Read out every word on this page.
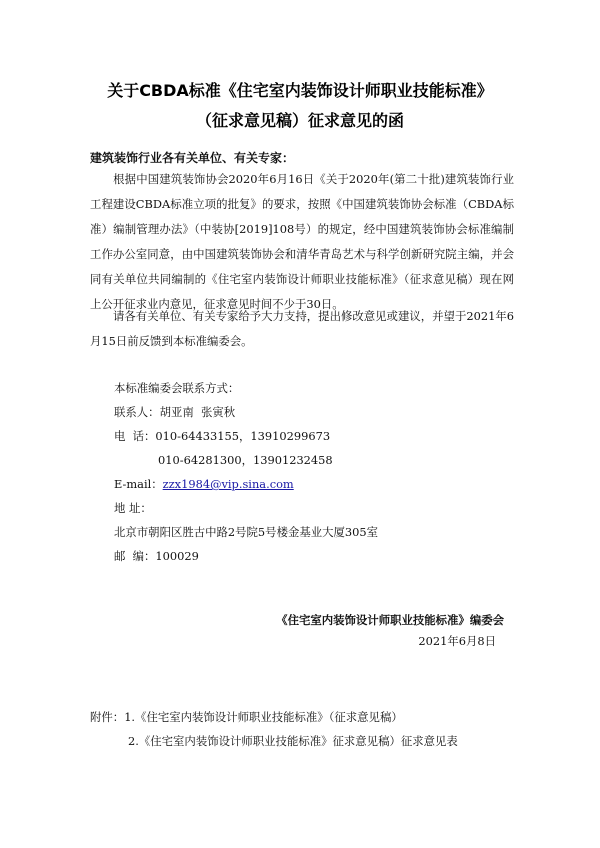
关于CBDA标准《住宅室内装饰设计师职业技能标准》
（征求意见稿）征求意见的函
建筑装饰行业各有关单位、有关专家：
根据中国建筑装饰协会2020年6月16日《关于2020年(第二十批)建筑装饰行业工程建设CBDA标准立项的批复》的要求，按照《中国建筑装饰协会标准（CBDA标准）编制管理办法》（中装协[2019]108号）的规定，经中国建筑装饰协会标准编制工作办公室同意，由中国建筑装饰协会和清华青岛艺术与科学创新研究院主编，并会同有关单位共同编制的《住宅室内装饰设计师职业技能标准》（征求意见稿）现在网上公开征求业内意见，征求意见时间不少于30日。
请各有关单位、有关专家给予大力支持，提出修改意见或建议，并望于2021年6月15日前反馈到本标准编委会。
本标准编委会联系方式：
联系人：胡亚南  张寅秋
电  话：010-64433155，13910299673
010-64281300，13901232458
E-mail：zzx1984@vip.sina.com
地 址：
北京市朝阳区胜古中路2号院5号楼金基业大厦305室
邮  编：100029
《住宅室内装饰设计师职业技能标准》编委会
2021年6月8日
附件：1.《住宅室内装饰设计师职业技能标准》（征求意见稿）
2.《住宅室内装饰设计师职业技能标准》征求意见稿）征求意见表
